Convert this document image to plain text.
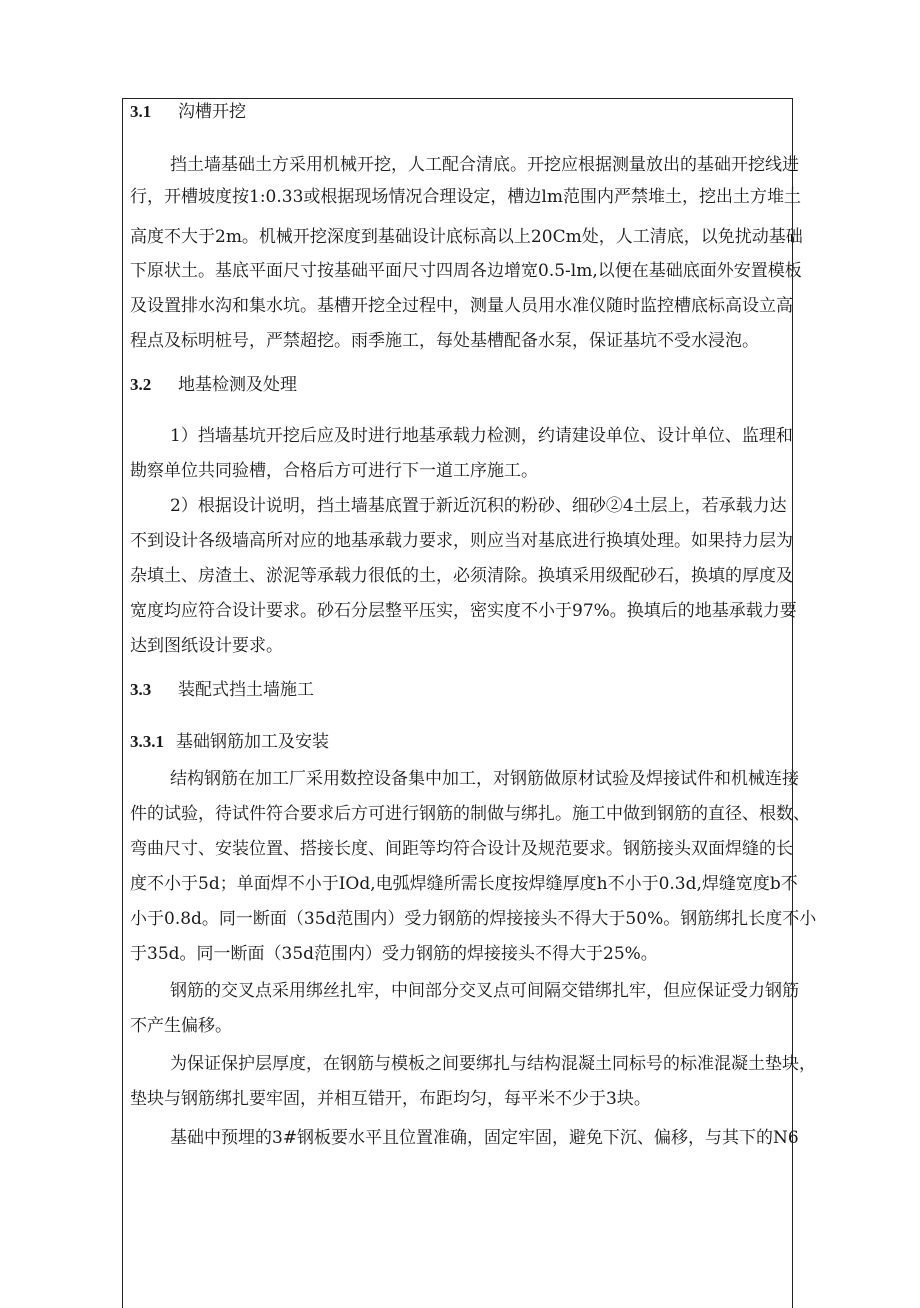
3.1 沟槽开挖
挡土墙基础土方采用机械开挖，人工配合清底。开挖应根据测量放出的基础开挖线进
行，开槽坡度按1:0.33或根据现场情况合理设定，槽边lm范围内严禁堆土，挖出土方堆土
高度不大于2m。机械开挖深度到基础设计底标高以上20Cm处，人工清底，以免扰动基础
下原状土。基底平面尺寸按基础平面尺寸四周各边增宽0.5-lm,以便在基础底面外安置模板
及设置排水沟和集水坑。基槽开挖全过程中，测量人员用水准仪随时监控槽底标高设立高
程点及标明桩号，严禁超挖。雨季施工，每处基槽配备水泵，保证基坑不受水浸泡。
3.2 地基检测及处理
1）挡墙基坑开挖后应及时进行地基承载力检测，约请建设单位、设计单位、监理和
勘察单位共同验槽，合格后方可进行下一道工序施工。
2）根据设计说明，挡土墙基底置于新近沉积的粉砂、细砂②4土层上，若承载力达
不到设计各级墙高所对应的地基承载力要求，则应当对基底进行换填处理。如果持力层为
杂填土、房渣土、淤泥等承载力很低的土，必须清除。换填采用级配砂石，换填的厚度及
宽度均应符合设计要求。砂石分层整平压实，密实度不小于97%。换填后的地基承载力要
达到图纸设计要求。
3.3 装配式挡土墙施工
3.3.1 基础钢筋加工及安装
结构钢筋在加工厂采用数控设备集中加工，对钢筋做原材试验及焊接试件和机械连接
件的试验，待试件符合要求后方可进行钢筋的制做与绑扎。施工中做到钢筋的直径、根数、
弯曲尺寸、安装位置、搭接长度、间距等均符合设计及规范要求。钢筋接头双面焊缝的长
度不小于5d；单面焊不小于IOd,电弧焊缝所需长度按焊缝厚度h不小于0.3d,焊缝宽度b不
小于0.8d。同一断面（35d范围内）受力钢筋的焊接接头不得大于50%。钢筋绑扎长度不小
于35d。同一断面（35d范围内）受力钢筋的焊接接头不得大于25%。
钢筋的交叉点采用绑丝扎牢，中间部分交叉点可间隔交错绑扎牢，但应保证受力钢筋
不产生偏移。
为保证保护层厚度，在钢筋与模板之间要绑扎与结构混凝土同标号的标准混凝土垫块，
垫块与钢筋绑扎要牢固，并相互错开，布距均匀，每平米不少于3块。
基础中预埋的3#钢板要水平且位置准确，固定牢固，避免下沉、偏移，与其下的N6
